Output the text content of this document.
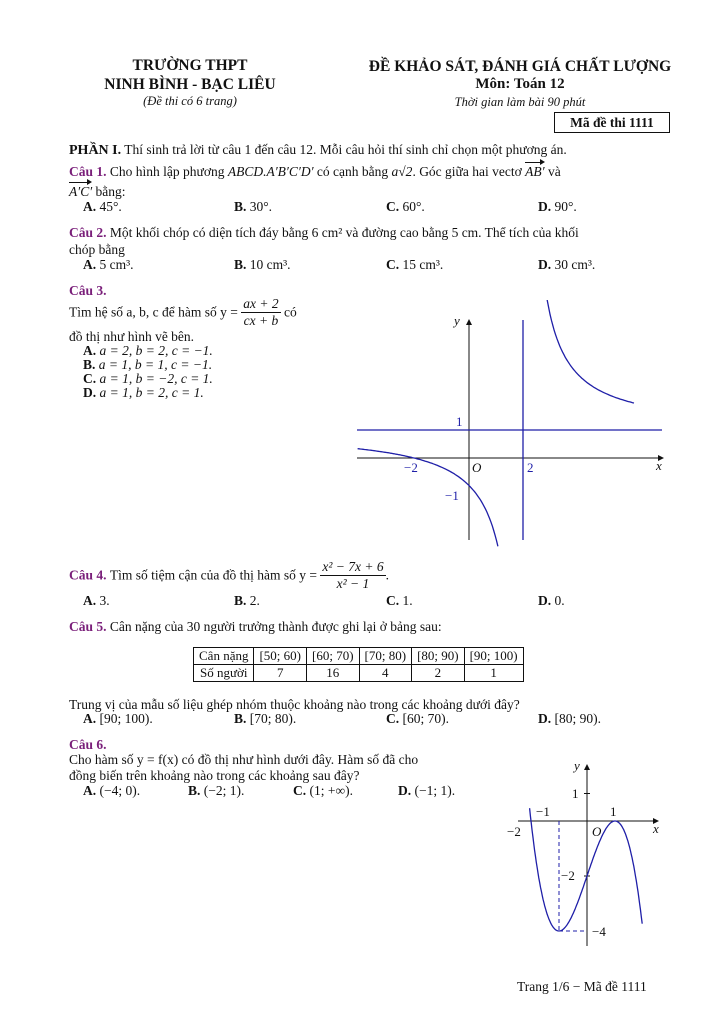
TRƯỜNG THPT
NINH BÌNH - BẠC LIÊU
(Đề thi có 6 trang)
ĐỀ KHẢO SÁT, ĐÁNH GIÁ CHẤT LƯỢNG
Môn: Toán 12
Thời gian làm bài 90 phút
Mã đề thi 1111
PHẦN I. Thí sinh trả lời từ câu 1 đến câu 12. Mỗi câu hỏi thí sinh chỉ chọn một phương án.
Câu 1. Cho hình lập phương ABCD.A′B′C′D′ có cạnh bằng a√2. Góc giữa hai vectơ AB′ và
A′C′ bằng:
A. 45°.	B. 30°.	C. 60°.	D. 90°.
Câu 2. Một khối chóp có diện tích đáy bằng 6 cm² và đường cao bằng 5 cm. Thể tích của khối
chóp bằng
A. 5 cm³.	B. 10 cm³.	C. 15 cm³.	D. 30 cm³.
Câu 3.
Tìm hệ số a, b, c để hàm số $y = \frac{ax + 2}{cx + b}$ có
đồ thị như hình vẽ bên.
A. a = 2, b = 2, c = −1.
B. a = 1, b = 1, c = −1.
C. a = 1, b = −2, c = 1.
D. a = 1, b = 2, c = 1.
x
y
O
−2	2
1
−1
Câu 4. Tìm số tiệm cận của đồ thị hàm số $y = \frac{\text{x² − 7x + 6}}{\text{x² − 1}}$ .
A. 3.	B. 2.	C. 1.	D. 0.
Câu 5. Cân nặng của 30 người trưởng thành được ghi lại ở bảng sau:
Cân nặng	[50; 60)	[60; 70)	[70; 80)	[80; 90)	[90; 100)
Số người	7	16	4	2	1
Trung vị của mẫu số liệu ghép nhóm thuộc khoảng nào trong các khoảng dưới đây?
A. [90; 100).	B. [70; 80).	C. [60; 70).	D. [80; 90).
Câu 6.
Cho hàm số y = f(x) có đồ thị như hình dưới đây. Hàm số đã cho
đồng biến trên khoảng nào trong các khoảng sau đây?
A. (−4; 0).	B. (−2; 1).	C. (1; +∞).	D. (−1; 1).
x
y
O
−2
−1	1
1
−2
−4
Trang 1/6 − Mã đề 1111
